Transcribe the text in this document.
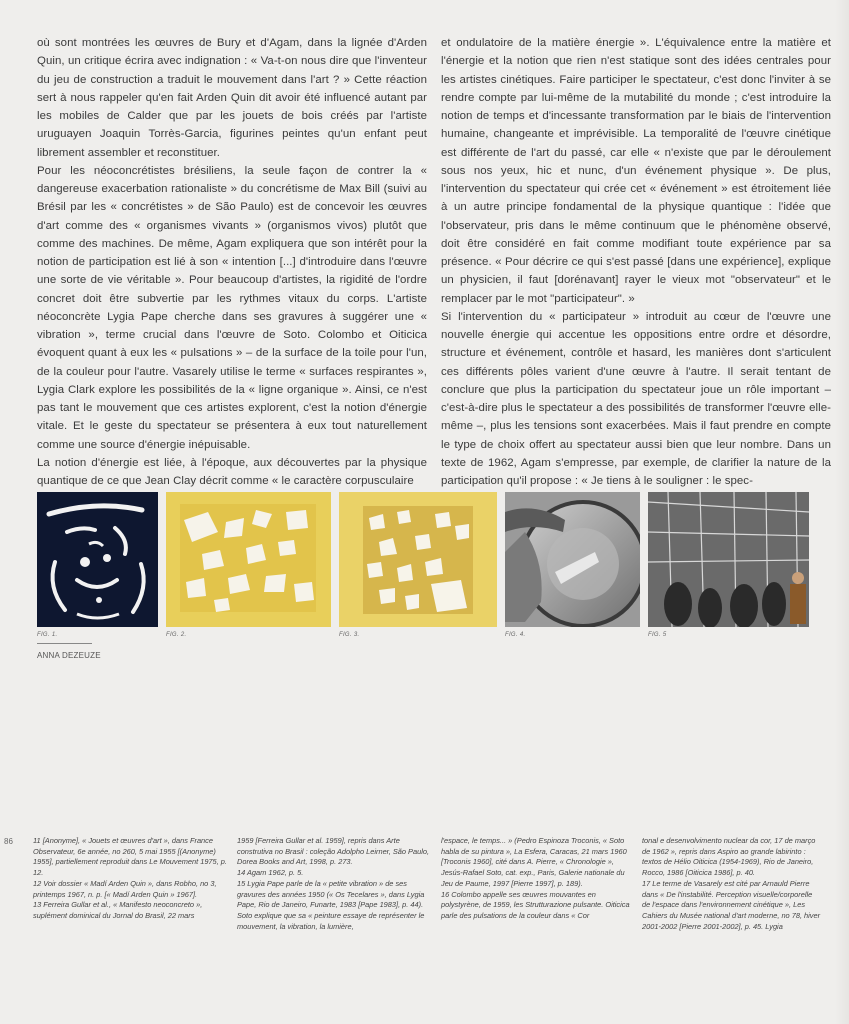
où sont montrées les œuvres de Bury et d'Agam, dans la lignée d'Arden Quin, un critique écrira avec indignation : « Va-t-on nous dire que l'inventeur du jeu de construction a traduit le mouvement dans l'art ? » Cette réaction sert à nous rappeler qu'en fait Arden Quin dit avoir été influencé autant par les mobiles de Calder que par les jouets de bois créés par l'artiste uruguayen Joaquin Torrès-Garcia, figurines peintes qu'un enfant peut librement assembler et reconstituer.

Pour les néoconcrétistes brésiliens, la seule façon de contrer la « dangereuse exacerbation rationaliste » du concrétisme de Max Bill (suivi au Brésil par les « concrétistes » de São Paulo) est de concevoir les œuvres d'art comme des « organismes vivants » (organismos vivos) plutôt que comme des machines. De même, Agam expliquera que son intérêt pour la notion de participation est lié à son « intention [...] d'introduire dans l'œuvre une sorte de vie véritable ». Pour beaucoup d'artistes, la rigidité de l'ordre concret doit être subvertie par les rythmes vitaux du corps. L'artiste néoconcrète Lygia Pape cherche dans ses gravures à suggérer une « vibration », terme crucial dans l'œuvre de Soto. Colombo et Oiticica évoquent quant à eux les « pulsations » – de la surface de la toile pour l'un, de la couleur pour l'autre. Vasarely utilise le terme « surfaces respirantes », Lygia Clark explore les possibilités de la « ligne organique ». Ainsi, ce n'est pas tant le mouvement que ces artistes explorent, c'est la notion d'énergie vitale. Et le geste du spectateur se présentera à eux tout naturellement comme une source d'énergie inépuisable.

La notion d'énergie est liée, à l'époque, aux découvertes par la physique quantique de ce que Jean Clay décrit comme « le caractère corpusculaire

et ondulatoire de la matière énergie ». L'équivalence entre la matière et l'énergie et la notion que rien n'est statique sont des idées centrales pour les artistes cinétiques. Faire participer le spectateur, c'est donc l'inviter à se rendre compte par lui-même de la mutabilité du monde ; c'est introduire la notion de temps et d'incessante transformation par le biais de l'intervention humaine, changeante et imprévisible. La temporalité de l'œuvre cinétique est différente de l'art du passé, car elle « n'existe que par le déroulement sous nos yeux, hic et nunc, d'un événement physique ». De plus, l'intervention du spectateur qui crée cet « événement » est étroitement liée à un autre principe fondamental de la physique quantique : l'idée que l'observateur, pris dans le même continuum que le phénomène observé, doit être considéré en fait comme modifiant toute expérience par sa présence. « Pour décrire ce qui s'est passé [dans une expérience], explique un physicien, il faut [dorénavant] rayer le vieux mot "observateur" et le remplacer par le mot "participateur". »

Si l'intervention du « participateur » introduit au cœur de l'œuvre une nouvelle énergie qui accentue les oppositions entre ordre et désordre, structure et événement, contrôle et hasard, les manières dont s'articulent ces différents pôles varient d'une œuvre à l'autre. Il serait tentant de conclure que plus la participation du spectateur joue un rôle important – c'est-à-dire plus le spectateur a des possibilités de transformer l'œuvre elle-même –, plus les tensions sont exacerbées. Mais il faut prendre en compte le type de choix offert au spectateur aussi bien que leur nombre. Dans un texte de 1962, Agam s'empresse, par exemple, de clarifier la nature de la participation qu'il propose : « Je tiens à le souligner : le spec-

FIG. 1.	FIG. 2.	FIG. 3.	FIG. 4.	FIG. 5
ANNA DEZEUZE
86	11 [Anonyme], « Jouets et œuvres d'art », dans France Observateur, 6e année, no 260, 5 mai 1955 [(Anonyme) 1955], partiellement reproduit dans Le Mouvement 1975, p. 12.
12 Voir dossier « Madí Arden Quin », dans Robho, no 3, printemps 1967, n. p. [« Madí Arden Quin » 1967].
13 Ferreira Gullar et al., « Manifesto neoconcreto », suplément dominical du Jornal do Brasil, 22 mars

1959 [Ferreira Gullar et al. 1959], repris dans Arte construtiva no Brasil : coleção Adolpho Leirner, São Paulo, Dorea Books and Art, 1998, p. 273.
14 Agam 1962, p. 5.
15 Lygia Pape parle de la « petite vibration » de ses gravures des années 1950 (« Os Tecelares », dans Lygia Pape, Rio de Janeiro, Funarte, 1983 [Pape 1983], p. 44). Soto explique que sa « peinture essaye de représenter le mouvement, la vibration, la lumière,

l'espace, le temps... » (Pedro Espinoza Troconis, « Soto habla de su pintura », La Esfera, Caracas, 21 mars 1960 [Troconis 1960], cité dans A. Pierre, « Chronologie », Jesús-Rafael Soto, cat. exp., Paris, Galerie nationale du Jeu de Paume, 1997 [Pierre 1997], p. 189).
16 Colombo appelle ses œuvres mouvantes en polystyrène, de 1959, les Strutturazione pulsante. Oiticica parle des pulsations de la couleur dans « Cor

tonal e desenvolvimento nuclear da cor, 17 de março de 1962 », repris dans Aspiro ao grande labirinto : textos de Hélio Oiticica (1954-1969), Rio de Janeiro, Rocco, 1986 [Oiticica 1986], p. 40.
17 Le terme de Vasarely est cité par Arnauld Pierre dans « De l'instabilité. Perception visuelle/corporelle de l'espace dans l'environnement cinétique », Les Cahiers du Musée national d'art moderne, no 78, hiver 2001-2002 [Pierre 2001-2002], p. 45. Lygia
